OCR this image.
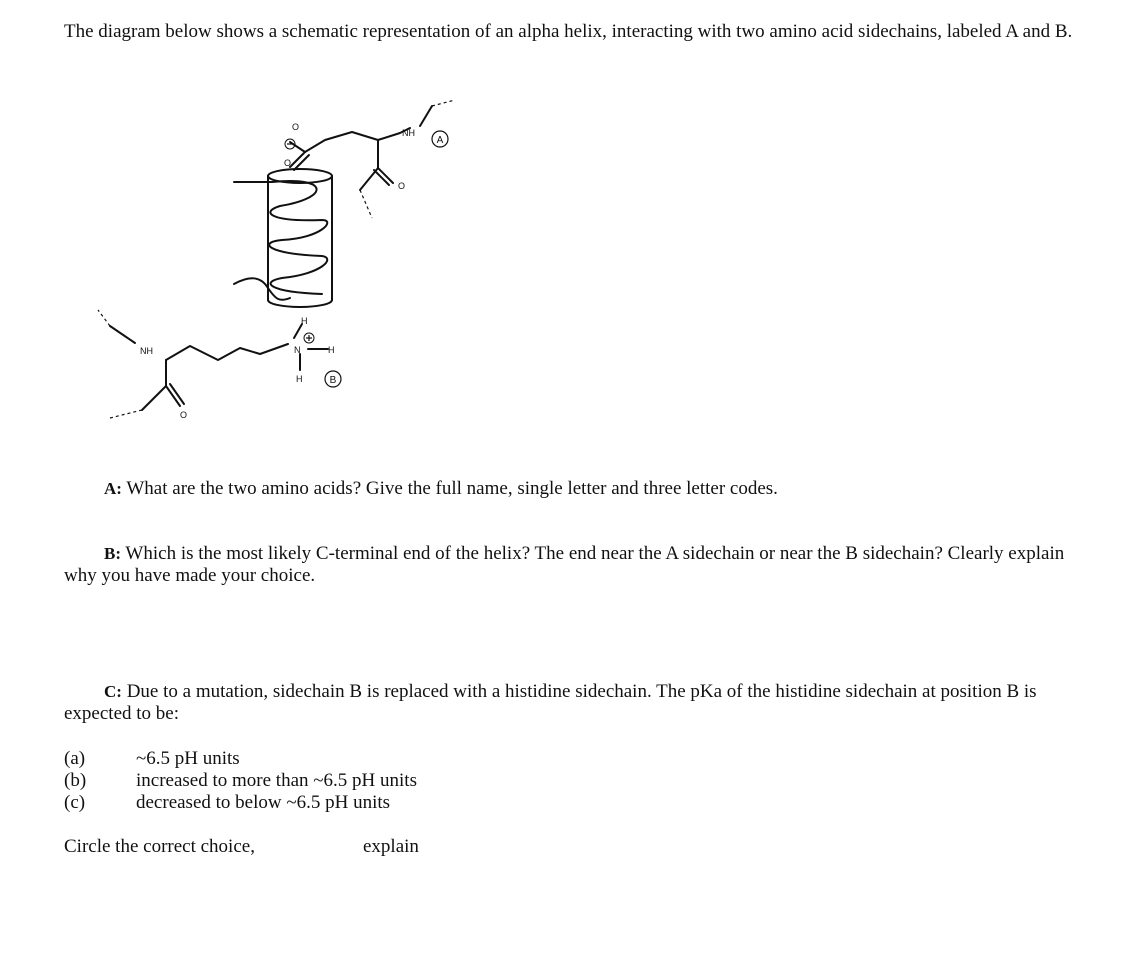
The diagram below shows a schematic representation of an alpha helix, interacting with two amino acid sidechains, labeled A and B.

O
O
O
O
NH
NH
H
N	H
H
A
B

A: What are the two amino acids? Give the full name, single letter and three letter codes.

B: Which is the most likely C-terminal end of the helix? The end near the A sidechain or near the B sidechain? Clearly explain why you have made your choice.

C: Due to a mutation, sidechain B is replaced with a histidine sidechain. The pKa of the histidine sidechain at position B is expected to be:

(a)	~6.5 pH units
(b)	increased to more than ~6.5 pH units
(c)	decreased to below ~6.5 pH units
Circle the correct choice,	explain
